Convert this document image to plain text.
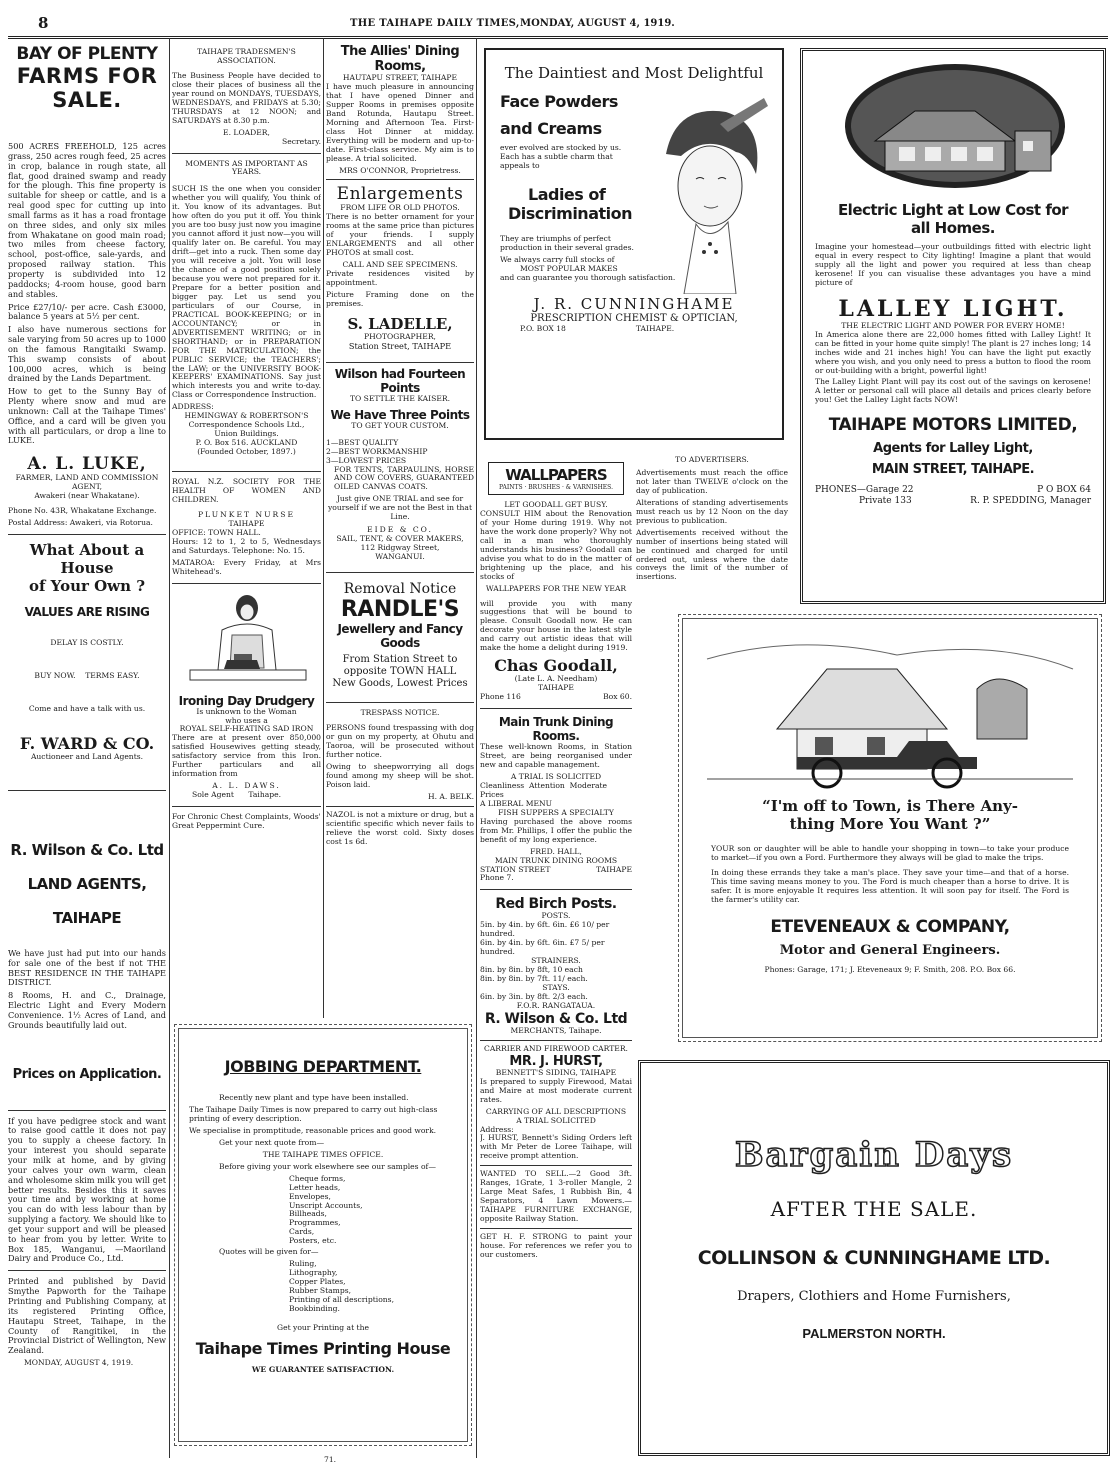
8	THE TAIHAPE DAILY TIMES, MONDAY, AUGUST 4, 1919.
BAY OF PLENTY
FARMS FOR SALE.

500 ACRES FREEHOLD, 125 acres grass, 250 acres rough feed, 25 acres in crop, balance in rough state, all flat, good drained swamp and ready for the plough. This fine property is suitable for sheep or cattle, and is a real good spec for cutting up into small farms as it has a road frontage on three sides, and only six miles from Whakatane on good main road; two miles from cheese factory, school, post-office, sale-yards, and proposed railway station. This property is subdivided into 12 paddocks; 4-room house, good barn and stables.

Price £27/10/- per acre. Cash £3000, balance 5 years at 5½ per cent.

I also have numerous sections for sale varying from 50 acres up to 1000 on the famous Rangitaiki Swamp. This swamp consists of about 100,000 acres, which is being drained by the Lands Department.

How to get to the Sunny Bay of Plenty where snow and mud are unknown: Call at the Taihape Times' Office, and a card will be given you with all particulars, or drop a line to LUKE.

A. L. LUKE,
FARMER, LAND AND COMMISSION AGENT,
Awakeri (near Whakatane).

Phone No. 43R, Whakatane Exchange.

Postal Address: Awakeri, via Rotorua.

What About a House
of Your Own ?
VALUES ARE RISING
DELAY IS COSTLY.
BUY NOW. TERMS EASY.
Come and have a talk with us.
F. WARD & CO.
Auctioneer and Land Agents.
R. Wilson & Co. Ltd
LAND AGENTS,
TAIHAPE

We have just had put into our hands for sale one of the best if not THE BEST RESIDENCE IN THE TAIHAPE DISTRICT.

8 Rooms, H. and C., Drainage, Electric Light and Every Modern Convenience. 1½ Acres of Land, and Grounds beautifully laid out.

Prices on Application.

If you have pedigree stock and want to raise good cattle it does not pay you to supply a cheese factory. In your interest you should separate your milk at home, and by giving your calves your own warm, clean and wholesome skim milk you will get better results. Besides this it saves your time and by working at home you can do with less labour than by supplying a factory. We should like to get your support and will be pleased to hear from you by letter. Write to Box 185, Wanganui, —Maoriland Dairy and Produce Co., Ltd.

Printed and published by David Smythe Papworth for the Taihape Printing and Publishing Company, at its registered Printing Office, Hautapu Street, Taihape, in the County of Rangitikei, in the Provincial District of Wellington, New Zealand.

MONDAY, AUGUST 4, 1919.
TAIHAPE TRADESMEN'S ASSOCIATION.

The Business People have decided to close their places of business all the year round on MONDAYS, TUESDAYS, WEDNESDAYS, and FRIDAYS at 5.30; THURSDAYS at 12 NOON; and SATURDAYS at 8.30 p.m.

E. LOADER,
Secretary.
MOMENTS AS IMPORTANT AS YEARS.

SUCH IS the one when you consider whether you will qualify, You think of it. You know of its advantages. But how often do you put it off. You think you are too busy just now you imagine you cannot afford it just now—you will qualify later on. Be careful. You may drift—get into a ruck. Then some day you will receive a jolt. You will lose the chance of a good position solely because you were not prepared for it. Prepare for a better position and bigger pay. Let us send you particulars of our Course, in PRACTICAL BOOK-KEEPING; or in ACCOUNTANCY; or in ADVERTISEMENT WRITING; or in SHORTHAND; or in PREPARATION FOR THE MATRICULATION; the PUBLIC SERVICE; the TEACHERS'; the LAW; or the UNIVERSITY BOOK-KEEPERS' EXAMINATIONS. Say just which interests you and write to-day. Class or Correspondence Instruction.

ADDRESS:
HEMINGWAY & ROBERTSON'S
Correspondence Schools Ltd.,
Union Buildings.
P. O. Box 516. AUCKLAND
(Founded October, 1897.)

ROYAL N.Z. SOCIETY FOR THE HEALTH OF WOMEN AND CHILDREN.

PLUNKET NURSE
TAIHAPE
OFFICE: TOWN HALL.

Hours: 12 to 1, 2 to 5, Wednesdays and Saturdays. Telephone: No. 15.

MATAROA: Every Friday, at Mrs Whitehead's.

Ironing Day Drudgery
Is unknown to the Woman
who uses a
ROYAL SELF-HEATING SAD IRON

There are at present over 850,000 satisfied Housewives getting steady, satisfactory service from this Iron. Further particulars and all information from

A. L. DAWS.
Sole Agent Taihape.

For Chronic Chest Complaints, Woods' Great Peppermint Cure.

The Allies' Dining
Rooms,
HAUTAPU STREET, TAIHAPE

I have much pleasure in announcing that I have opened Dinner and Supper Rooms in premises opposite Band Rotunda, Hautapu Street. Morning and Afternoon Tea. First-class Hot Dinner at midday. Everything will be modern and up-to-date. First-class service. My aim is to please. A trial solicited.

MRS O'CONNOR, Proprietress.
Enlargements
FROM LIFE OR OLD PHOTOS.

There is no better ornament for your rooms at the same price than pictures of your friends. I supply ENLARGEMENTS and all other PHOTOS at small cost.

CALL AND SEE SPECIMENS.

Private residences visited by appointment.

Picture Framing done on the premises.

S. LADELLE,
PHOTOGRAPHER,
Station Street, TAIHAPE
Wilson had Fourteen
Points
TO SETTLE THE KAISER.
We Have Three Points
TO GET YOUR CUSTOM.
1—BEST QUALITY
2—BEST WORKMANSHIP
3—LOWEST PRICES

FOR TENTS, TARPAULINS, HORSE AND COW COVERS, GUARANTEED OILED CANVAS COATS.

Just give ONE TRIAL and see for yourself if we are not the Best in that Line.

EIDE & CO.
SAIL, TENT, & COVER MAKERS,
112 Ridgway Street,
WANGANUI.
Removal Notice
RANDLE'S
Jewellery and Fancy
Goods
From Station Street to
opposite TOWN HALL
New Goods, Lowest Prices
TRESPASS NOTICE.

PERSONS found trespassing with dog or gun on my property, at Ohutu and Taoroa, will be prosecuted without further notice.

Owing to sheepworrying all dogs found among my sheep will be shot. Poison laid.

H. A. BELK.

NAZOL is not a mixture or drug, but a scientific specific which never fails to relieve the worst cold. Sixty doses cost 1s 6d.

JOBBING DEPARTMENT.

Recently new plant and type have been installed.

The Taihape Daily Times is now prepared to carry out high-class printing of every description.

We specialise in promptitude, reasonable prices and good work.

Get your next quote from—

THE TAIHAPE TIMES OFFICE.

Before giving your work elsewhere see our samples of—

Cheque forms,
Letter heads,
Envelopes,
Unscript Accounts,
Billheads,
Programmes,
Cards,
Posters, etc.

Quotes will be given for—

Ruling,
Lithography,
Copper Plates,
Rubber Stamps,
Printing of all descriptions,
Bookbinding.

Get your Printing at the

Taihape Times Printing House
WE GUARANTEE SATISFACTION.
The Daintiest and Most Delightful
Face Powders
and Creams
ever evolved are stocked by us.
Each has a subtle charm that appeals to
Ladies of
Discrimination

They are triumphs of perfect production in their several grades.

We always carry full stocks of
MOST POPULAR MAKES
and can guarantee you thorough satisfaction.
J. R. CUNNINGHAME
PRESCRIPTION CHEMIST & OPTICIAN,
P.O. BOX 18	TAIHAPE.
WALLPAPERS
PAINTS · BRUSHES · & VARNISHES.
LET GOODALL GET BUSY.

CONSULT HIM about the Renovation of your Home during 1919. Why not have the work done properly? Why not call in a man who thoroughly understands his business? Goodall can advise you what to do in the matter of brightening up the place, and his stocks of

WALLPAPERS FOR THE NEW YEAR

will provide you with many suggestions that will be bound to please. Consult Goodall now. He can decorate your house in the latest style and carry out artistic ideas that will make the home a delight during 1919.

Chas Goodall,
(Late L. A. Needham)
TAIHAPE
Phone 116	Box 60.
Main Trunk Dining
Rooms.

These well-known Rooms, in Station Street, are being reorganised under new and capable management.

A TRIAL IS SOLICITED
Cleanliness Attention Moderate Prices
A LIBERAL MENU
FISH SUPPERS A SPECIALTY

Having purchased the above rooms from Mr. Phillips, I offer the public the benefit of my long experience.

FRED. HALL,
MAIN TRUNK DINING ROOMS
STATION STREET	TAIHAPE
Phone 7.
Red Birch Posts.
POSTS.
5in. by 4in. by 6ft. 6in. £6 10/ per hundred.
6in. by 4in. by 6ft. 6in. £7 5/ per hundred.
STRAINERS.
8in. by 8in. by 8ft, 10 each
8in. by 8in. by 7ft. 11/ each.
STAYS.
6in. by 3in. by 8ft. 2/3 each.
F.O.R. RANGATAUA.
R. Wilson & Co. Ltd
MERCHANTS, Taihape.
CARRIER AND FIREWOOD CARTER.
MR. J. HURST,
BENNETT'S SIDING, TAIHAPE

Is prepared to supply Firewood, Matai and Maire at most moderate current rates.

CARRYING OF ALL DESCRIPTIONS
A TRIAL SOLICITED
Address:

J. HURST, Bennett's Siding Orders left with Mr Peter de Loree Taihape, will receive prompt attention.

WANTED TO SELL.—2 Good 3ft. Ranges, 1Grate, 1 3-roller Mangle, 2 Large Meat Safes, 1 Rubbish Bin, 4 Separators, 4 Lawn Mowers.—TAIHAPE FURNITURE EXCHANGE, opposite Railway Station.

GET H. F. STRONG to paint your house. For references we refer you to our customers.

TO ADVERTISERS.

Advertisements must reach the office not later than TWELVE o'clock on the day of publication.

Alterations of standing advertisements must reach us by 12 Noon on the day previous to publication.

Advertisements received without the number of insertions being stated will be continued and charged for until ordered out, unless where the date conveys the limit of the number of insertions.

Electric Light at Low Cost for
all Homes.

Imagine your homestead—your outbuildings fitted with electric light equal in every respect to City lighting! Imagine a plant that would supply all the light and power you required at less than cheap kerosene! If you can visualise these advantages you have a mind picture of

LALLEY LIGHT.
THE ELECTRIC LIGHT AND POWER FOR EVERY HOME!

In America alone there are 22,000 homes fitted with Lalley Light! It can be fitted in your home quite simply! The plant is 27 inches long; 14 inches wide and 21 inches high! You can have the light put exactly where you wish, and you only need to press a button to flood the room or out-building with a bright, powerful light!

The Lalley Light Plant will pay its cost out of the savings on kerosene! A letter or personal call will place all details and prices clearly before you! Get the Lalley Light facts NOW!

TAIHAPE MOTORS LIMITED,
Agents for Lalley Light,
MAIN STREET, TAIHAPE.
PHONES—Garage 22	P O BOX 64
Private 133	R. P. SPEDDING, Manager
“I'm off to Town, is There Any-
thing More You Want ?”

YOUR son or daughter will be able to handle your shopping in town—to take your produce to market—if you own a Ford. Furthermore they always will be glad to make the trips.

In doing these errands they take a man's place. They save your time—and that of a horse. This time saving means money to you. The Ford is much cheaper than a horse to drive. It is safer. It is more enjoyable It requires less attention. It will soon pay for itself. The Ford is the farmer's utility car.

ETEVENEAUX & COMPANY,
Motor and General Engineers.
Phones: Garage, 171; J. Eteveneaux 9; F. Smith, 208. P.O. Box 66.
Bargain Days
AFTER THE SALE.
COLLINSON & CUNNINGHAME LTD.
Drapers, Clothiers and Home Furnishers,
PALMERSTON NORTH.
71.
